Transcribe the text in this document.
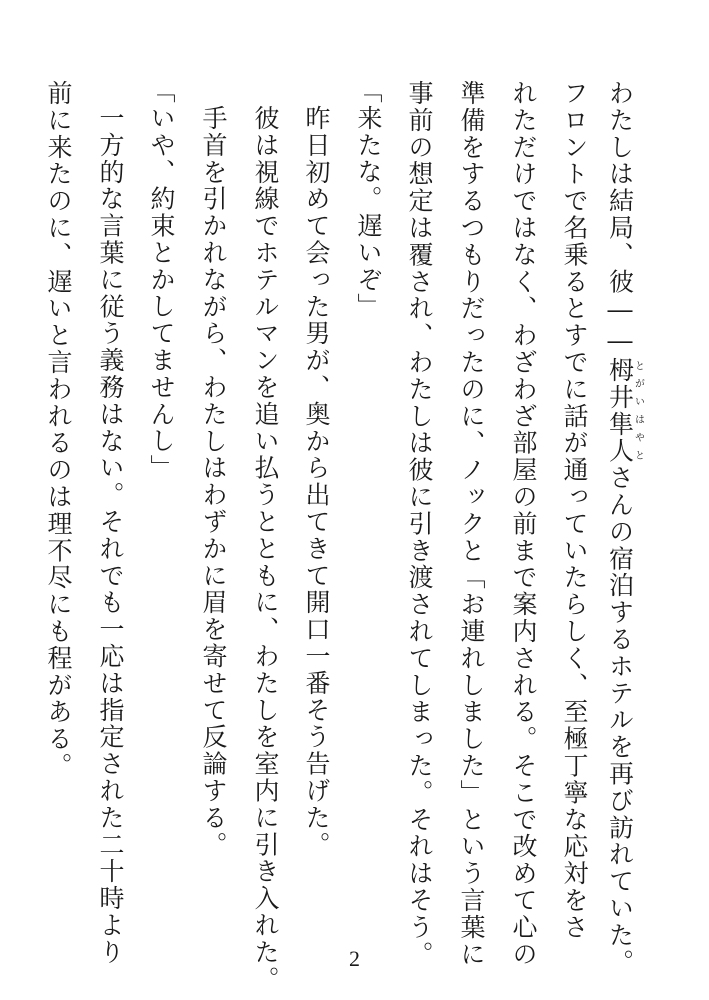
わたしは結局、彼――栂井隼人とがいはやとさんの宿泊するホテルを再び訪れていた。
フロントで名乗るとすでに話が通っていたらしく、至極丁寧な応対をさ
れただけではなく、わざわざ部屋の前まで案内される。そこで改めて心の
準備をするつもりだったのに、ノックと「お連れしました」という言葉に
事前の想定は覆され、わたしは彼に引き渡されてしまった。それはそう。
「来たな。遅いぞ」
昨日初めて会った男が、奥から出てきて開口一番そう告げた。
彼は視線でホテルマンを追い払うとともに、わたしを室内に引き入れた。
手首を引かれながら、わたしはわずかに眉を寄せて反論する。
「いや、約束とかしてませんし」
一方的な言葉に従う義務はない。それでも一応は指定された二十時より
前に来たのに、遅いと言われるのは理不尽にも程がある。
2
